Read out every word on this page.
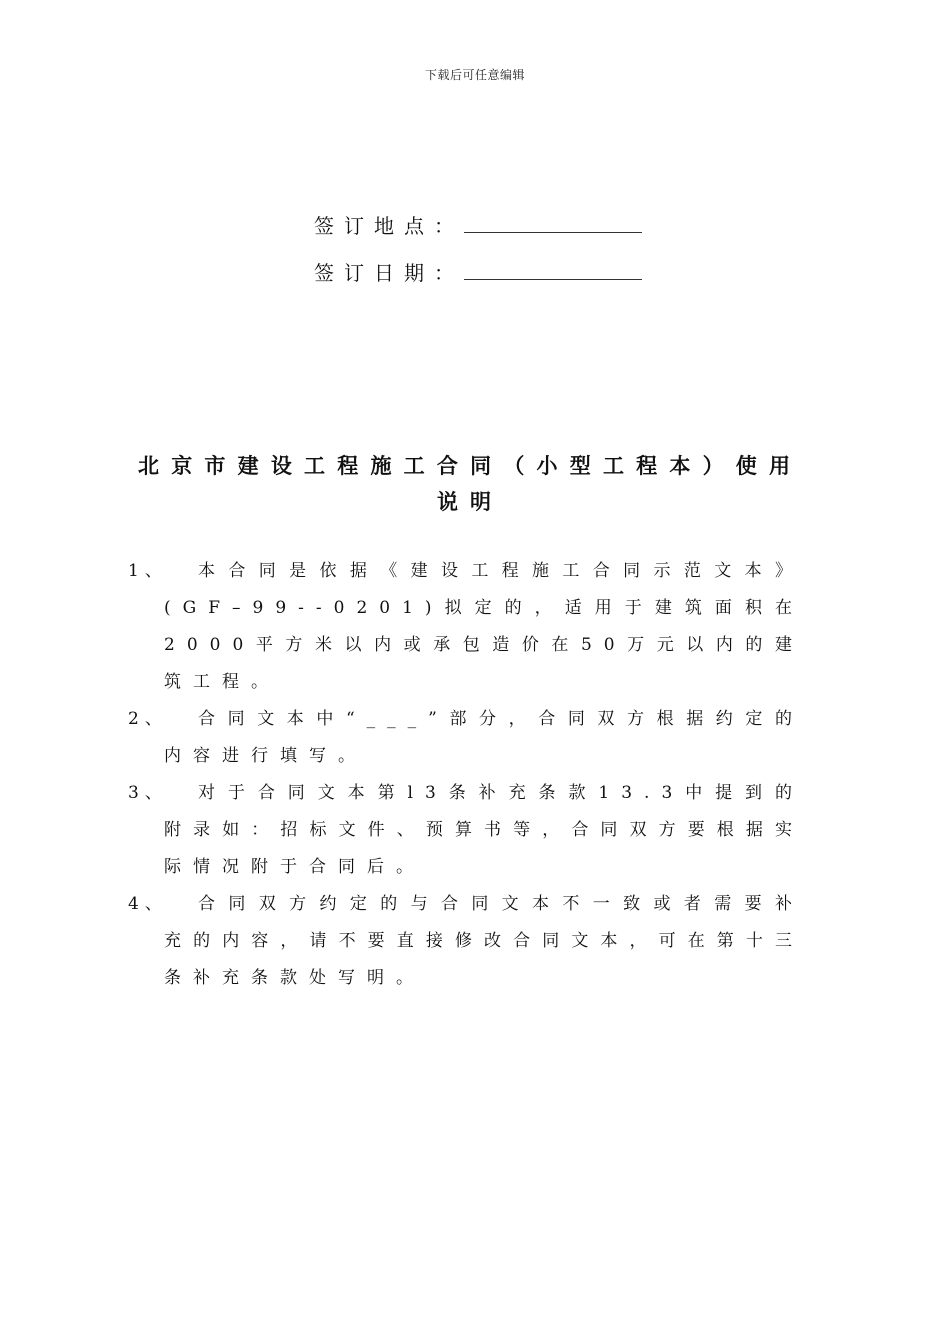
下载后可任意编辑
签订地点：
签订日期：
北京市建设工程施工合同（小型工程本）使用说明
1、	本合同是依据《建设工程施工合同示范文本》(GF–99--0201)拟定的，适用于建筑面积在2000平方米以内或承包造价在50万元以内的建筑工程。
2、	合同文本中“___”部分，合同双方根据约定的内容进行填写。
3、	对于合同文本第l3条补充条款13.3中提到的附录如：招标文件、预算书等，合同双方要根据实际情况附于合同后。
4、	合同双方约定的与合同文本不一致或者需要补充的内容，请不要直接修改合同文本，可在第十三条补充条款处写明。
